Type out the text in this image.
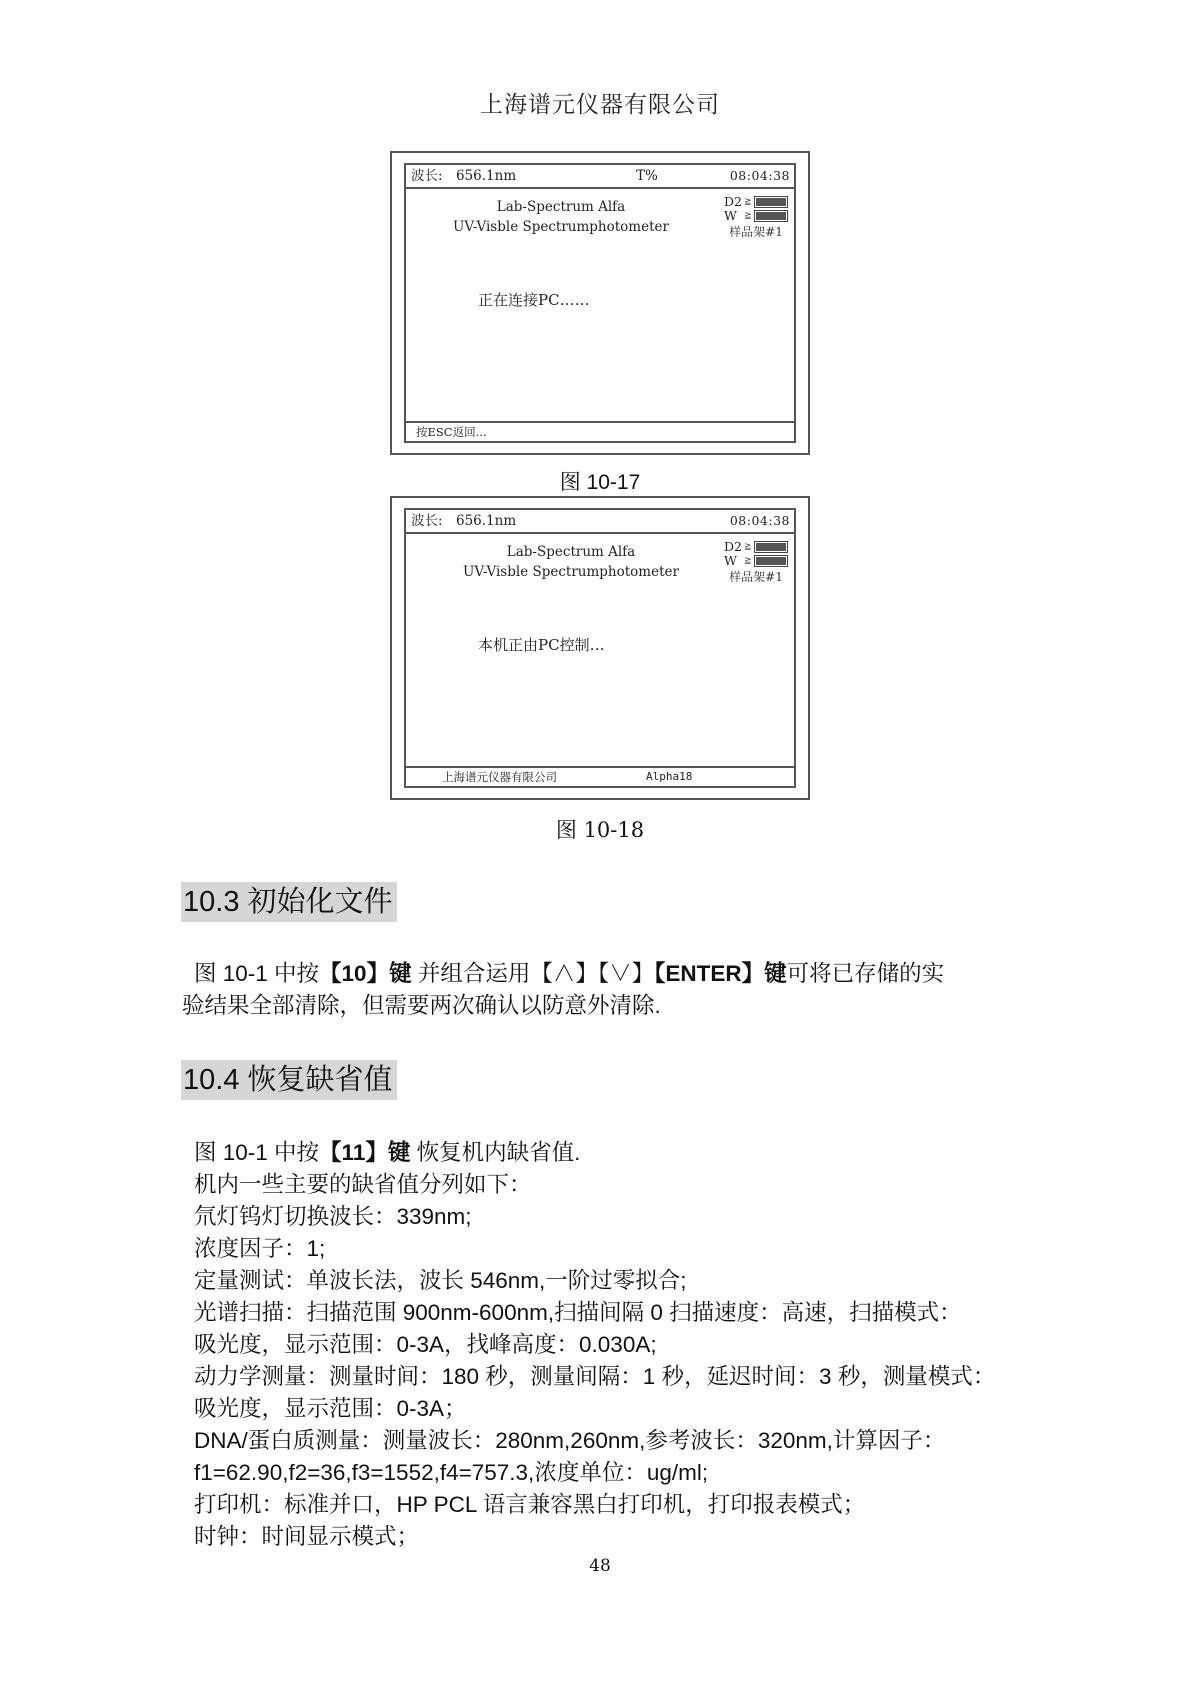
上海谱元仪器有限公司
波长: 656.1nm	T%	08:04:38
Lab-Spectrum Alfa
UV-Visble Spectrumphotometer
D2 ≧
W ≧
样品架#1
正在连接PC……
按ESC返回...
图 10-17
波长: 656.1nm	08:04:38
Lab-Spectrum Alfa
UV-Visble Spectrumphotometer
D2 ≧
W ≧
样品架#1
本机正由PC控制…
上海谱元仪器有限公司	Alpha18
图 10-18
10.3 初始化文件
图 10-1 中按【10】键 并组合运用【∧】【∨】【ENTER】键可将已存储的实
验结果全部清除，但需要两次确认以防意外清除.
10.4 恢复缺省值
图 10-1 中按【11】键 恢复机内缺省值.
机内一些主要的缺省值分列如下：
氘灯钨灯切换波长：339nm;
浓度因子：1;
定量测试：单波长法，波长 546nm,一阶过零拟合;
光谱扫描：扫描范围 900nm-600nm,扫描间隔 0 扫描速度：高速，扫描模式：
吸光度，显示范围：0-3A，找峰高度：0.030A;
动力学测量：测量时间：180 秒，测量间隔：1 秒，延迟时间：3 秒，测量模式：
吸光度，显示范围：0-3A；
DNA/蛋白质测量：测量波长：280nm,260nm,参考波长：320nm,计算因子：
f1=62.90,f2=36,f3=1552,f4=757.3,浓度单位：ug/ml;
打印机：标准并口，HP PCL 语言兼容黑白打印机，打印报表模式；
时钟：时间显示模式；
48
